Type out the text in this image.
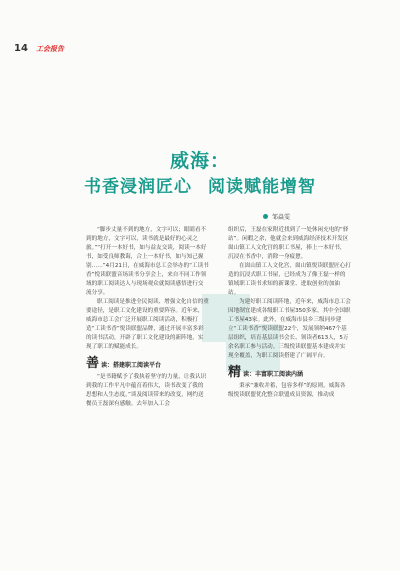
14 工会报告
威海：
书香浸润匠心 阅读赋能增智
邹焱雯

“脚步丈量不到的地方，文字可以；眼睛看不到的地方，文字可以，读书就是最好的心灵之旅。”“打开一本好书，如与益友交谈，阅读一本好书，如受良师教诲，合上一本好书，如与知己握别……”4月21日，在威海市总工会举办的“工读书香”悦读联盟音场读书分享会上，来自不同工作领域的职工阅读达人与现场观众就阅读感悟进行交流分享。

职工阅读是推进全民阅读、增强文化自信的重要途径，是职工文化建设的重要阵容。近年来，威海市总工会广泛开展职工阅读活动，积极打造“工读书香”悦读联盟品牌，通过开展丰富多彩的读书活动，开辟了职工文化建设的新阵地，实现了职工的赋能成长。

善读：搭建职工阅读平台

“是书籍赋予了我执着坚守的力量，让我认识到我的工作平凡中蕴育着伟大，读书改变了我的思想和人生态度。”谈及阅读带来的改变，网约送餐员王磊深有感触。去年加入工会

组织后，王磊在家附近找到了一处休闲充电的“驿站”。闲暇之余，他就会来到威海经济技术开发区崮山镇工人文化宫的职工书屋，捧上一本好书，沉浸在书香中，消除一身疲惫。

在崮山镇工人文化宫，崮山镇悦读联盟匠心打造的沉浸式职工书屋，已经成为了像王磊一样的镇域职工读书求知的新课堂、进取创业的加油站。

为建好职工阅读阵地，近年来，威海市总工会因地制宜建成各级职工书屋350多家，其中全国职工书屋43家。此外，在威海市县乡三级同步建立“工读书香”悦读联盟22个，发展领纳467个基层组织，培育基层读书会长、领读者613人，5万余名职工参与活动。三级悦读联盟基本建成并实现全覆盖，为职工阅读搭建了广阔平台。

精读：丰富职工阅读内涵

秉承“兼收并蓄，包容多样”的原则，威海各级悦读联盟优化整合联盟成员资源，推动成
